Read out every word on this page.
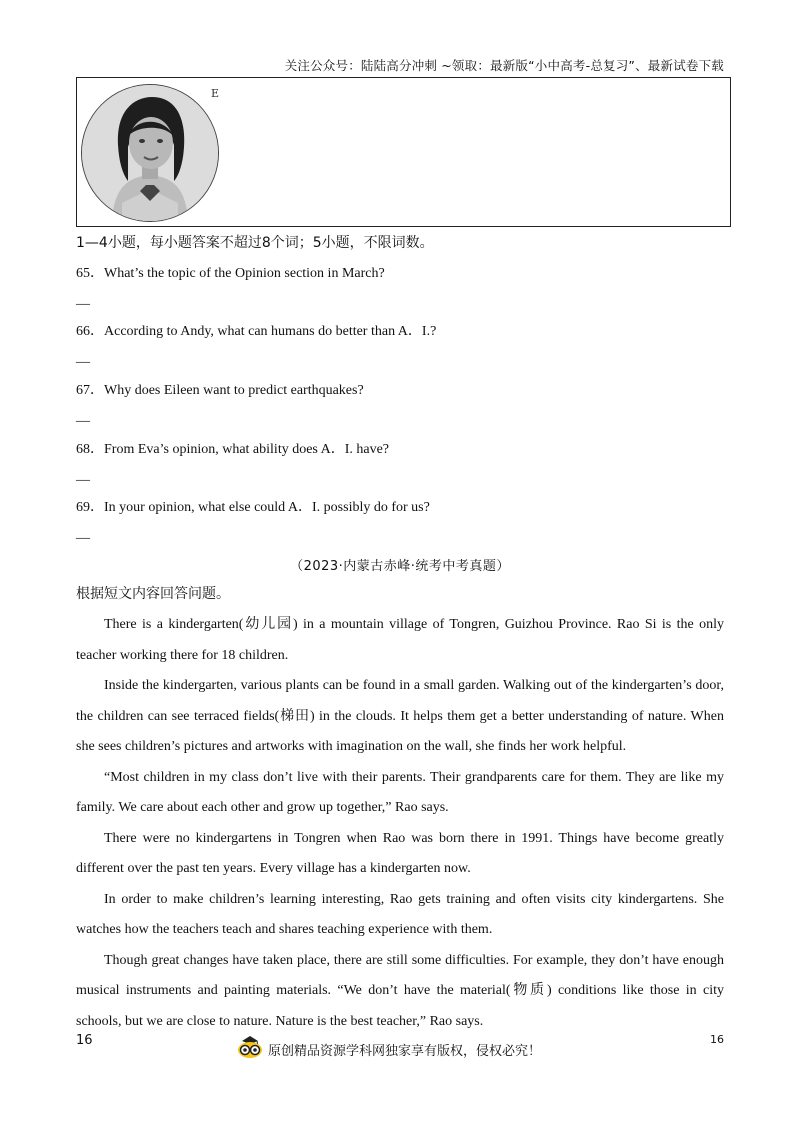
关注公众号：陆陆高分冲刺 ~领取：最新版“小中高考-总复习”、最新试卷下载
E
1—4小题，每小题答案不超过8个词；5小题，不限词数。
65．What’s the topic of the Opinion section in March?
__
66．According to Andy, what can humans do better than A．I.?
__
67．Why does Eileen want to predict earthquakes?
__
68．From Eva’s opinion, what ability does A．I. have?
__
69．In your opinion, what else could A．I. possibly do for us?
__
（2023·内蒙古赤峰·统考中考真题）
根据短文内容回答问题。

There is a kindergarten(幼儿园) in a mountain village of Tongren, Guizhou Province. Rao Si is the only teacher working there for 18 children.

Inside the kindergarten, various plants can be found in a small garden. Walking out of the kindergarten’s door, the children can see terraced fields(梯田) in the clouds. It helps them get a better understanding of nature. When she sees children’s pictures and artworks with imagination on the wall, she finds her work helpful.

“Most children in my class don’t live with their parents. Their grandparents care for them. They are like my family. We care about each other and grow up together,” Rao says.

There were no kindergartens in Tongren when Rao was born there in 1991. Things have become greatly different over the past ten years. Every village has a kindergarten now.

In order to make children’s learning interesting, Rao gets training and often visits city kindergartens. She watches how the teachers teach and shares teaching experience with them.

Though great changes have taken place, there are still some difficulties. For example, they don’t have enough musical instruments and painting materials. “We don’t have the material(物质) conditions like those in city schools, but we are close to nature. Nature is the best teacher,” Rao says.

16
原创精品资源学科网独家享有版权，侵权必究！
16
